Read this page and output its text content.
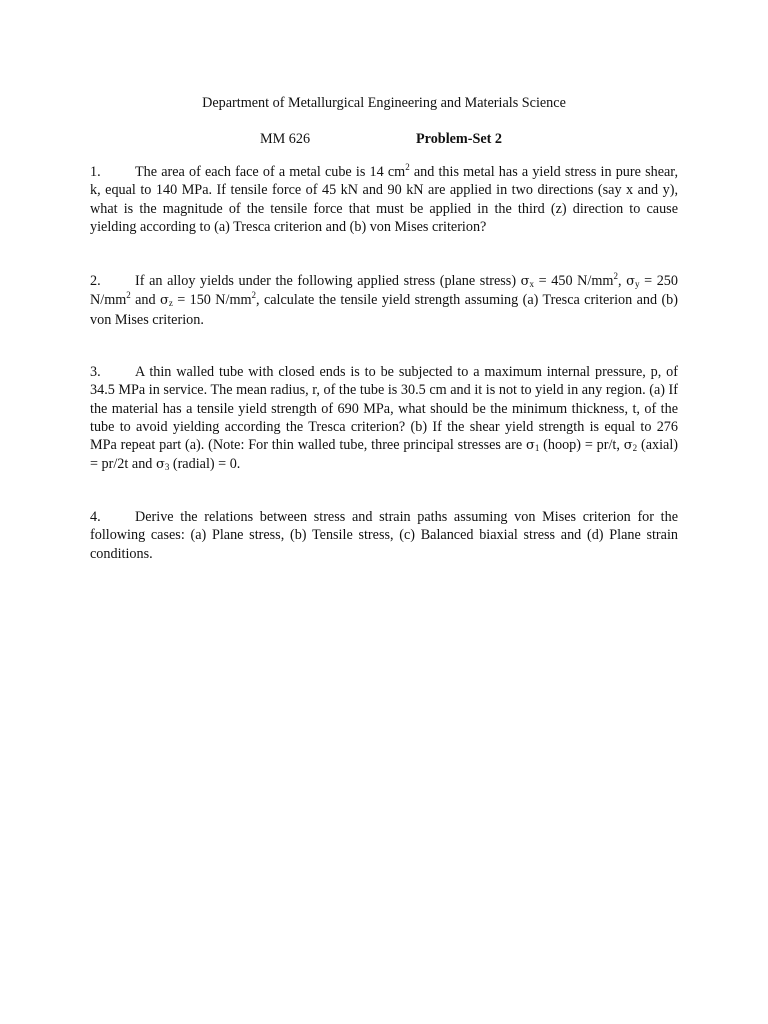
Department of Metallurgical Engineering and Materials Science
MM 626	Problem-Set 2
1. The area of each face of a metal cube is 14 $cm^2$ and this metal has a yield stress in pure shear, k, equal to 140 MPa. If tensile force of 45 kN and 90 kN are applied in two directions (say x and y), what is the magnitude of the tensile force that must be applied in the third (z) direction to cause yielding according to (a) Tresca criterion and (b) von Mises criterion?
2. If an alloy yields under the following applied stress (plane stress) $\sigma_x = 450$ $N/mm^2$, $\sigma_y = 250$ $N/mm^2$ and $\sigma_z = 150$ $N/mm^2$, calculate the tensile yield strength assuming (a) Tresca criterion and (b) von Mises criterion.
3. A thin walled tube with closed ends is to be subjected to a maximum internal pressure, p, of 34.5 MPa in service. The mean radius, r, of the tube is 30.5 cm and it is not to yield in any region. (a) If the material has a tensile yield strength of 690 MPa, what should be the minimum thickness, t, of the tube to avoid yielding according the Tresca criterion? (b) If the shear yield strength is equal to 276 MPa repeat part (a). (Note: For thin walled tube, three principal stresses are $\sigma_1$ (hoop) = pr/t, $\sigma_2$ (axial) = pr/2t and $\sigma_3$ (radial) = 0.
4. Derive the relations between stress and strain paths assuming von Mises criterion for the following cases: (a) Plane stress, (b) Tensile stress, (c) Balanced biaxial stress and (d) Plane strain conditions.
